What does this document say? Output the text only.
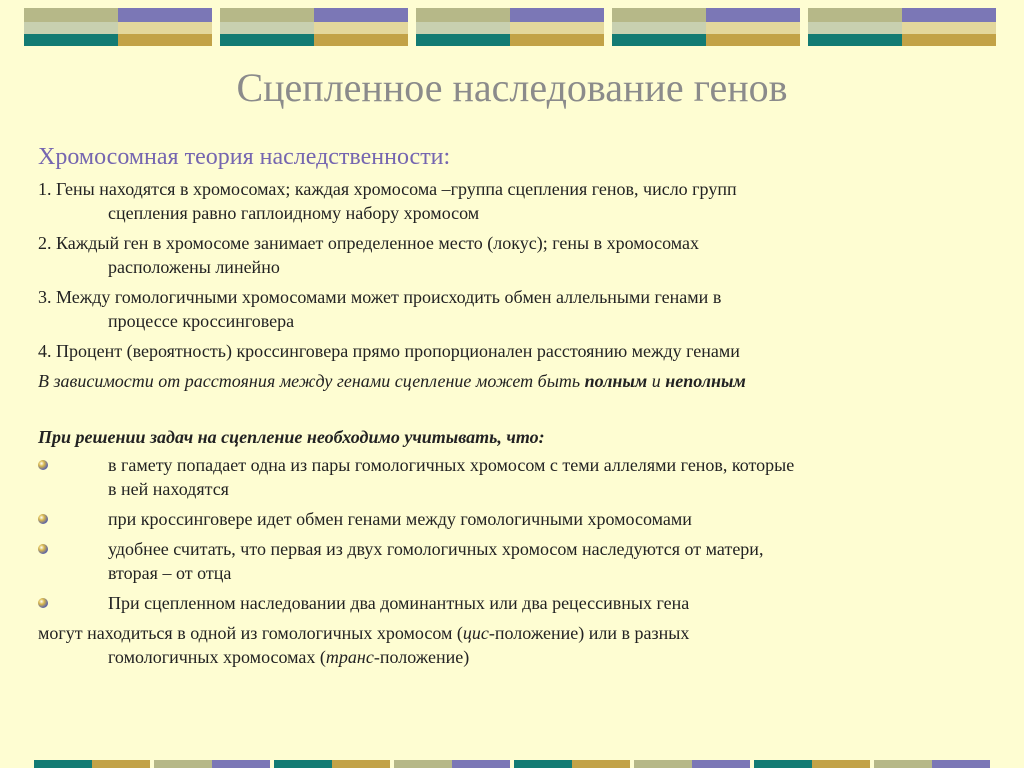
Сцепленное наследование генов

Хромосомная теория наследственности:

1. Гены находятся в хромосомах; каждая хромосома –группа сцепления генов, число групп
сцепления равно гаплоидному набору хромосом

2. Каждый ген в хромосоме занимает определенное место (локус); гены в хромосомах
расположены линейно

3. Между гомологичными хромосомами может происходить обмен аллельными генами в
процессе кроссинговера

4. Процент (вероятность) кроссинговера прямо пропорционален расстоянию между генами

В зависимости от расстояния между генами сцепление может быть полным и неполным

При решении задач на сцепление необходимо учитывать, что:

в гамету попадает одна из пары гомологичных хромосом с теми аллелями генов, которые
в ней находятся
при кроссинговере идет обмен генами между гомологичными хромосомами
удобнее считать, что первая из двух гомологичных хромосом наследуются от матери,
вторая – от отца
При сцепленном наследовании два доминантных или два рецессивных гена

могут находиться в одной из гомологичных хромосом (цис-положение) или в разных

гомологичных хромосомах (транс-положение)
